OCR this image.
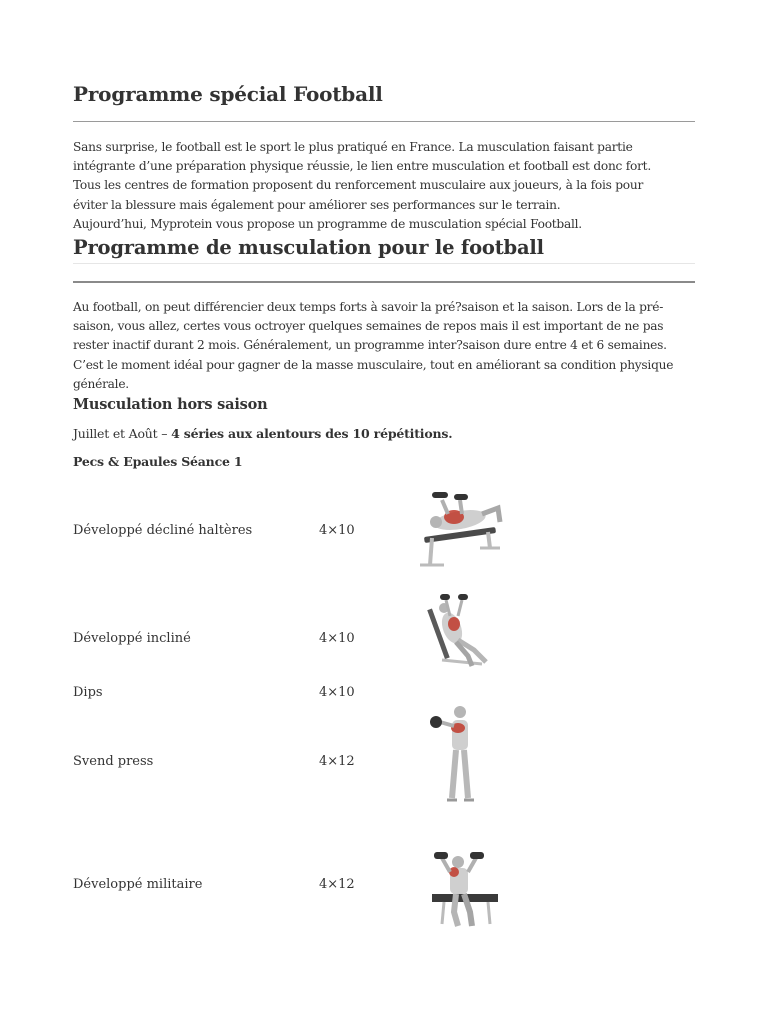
Programme spécial Football

Sans surprise, le football est le sport le plus pratiqué en France. La musculation faisant partie

intégrante d’une préparation physique réussie, le lien entre musculation et football est donc fort.

Tous les centres de formation proposent du renforcement musculaire aux joueurs, à la fois pour

éviter la blessure mais également pour améliorer ses performances sur le terrain.

Aujourd’hui, Myprotein vous propose un programme de musculation spécial Football.

Programme de musculation pour le football

Au football, on peut différencier deux temps forts à savoir la pré?saison et la saison. Lors de la pré-

saison, vous allez, certes vous octroyer quelques semaines de repos mais il est important de ne pas

rester inactif durant 2 mois. Généralement, un programme inter?saison dure entre 4 et 6 semaines.

C’est le moment idéal pour gagner de la masse musculaire, tout en améliorant sa condition physique

générale.

Musculation hors saison
Juillet et Août – 4 séries aux alentours des 10 répétitions.
Pecs & Epaules Séance 1
Développé décliné haltères	4×10
Développé incliné	4×10
Dips	4×10
Svend press	4×12
Développé militaire	4×12
